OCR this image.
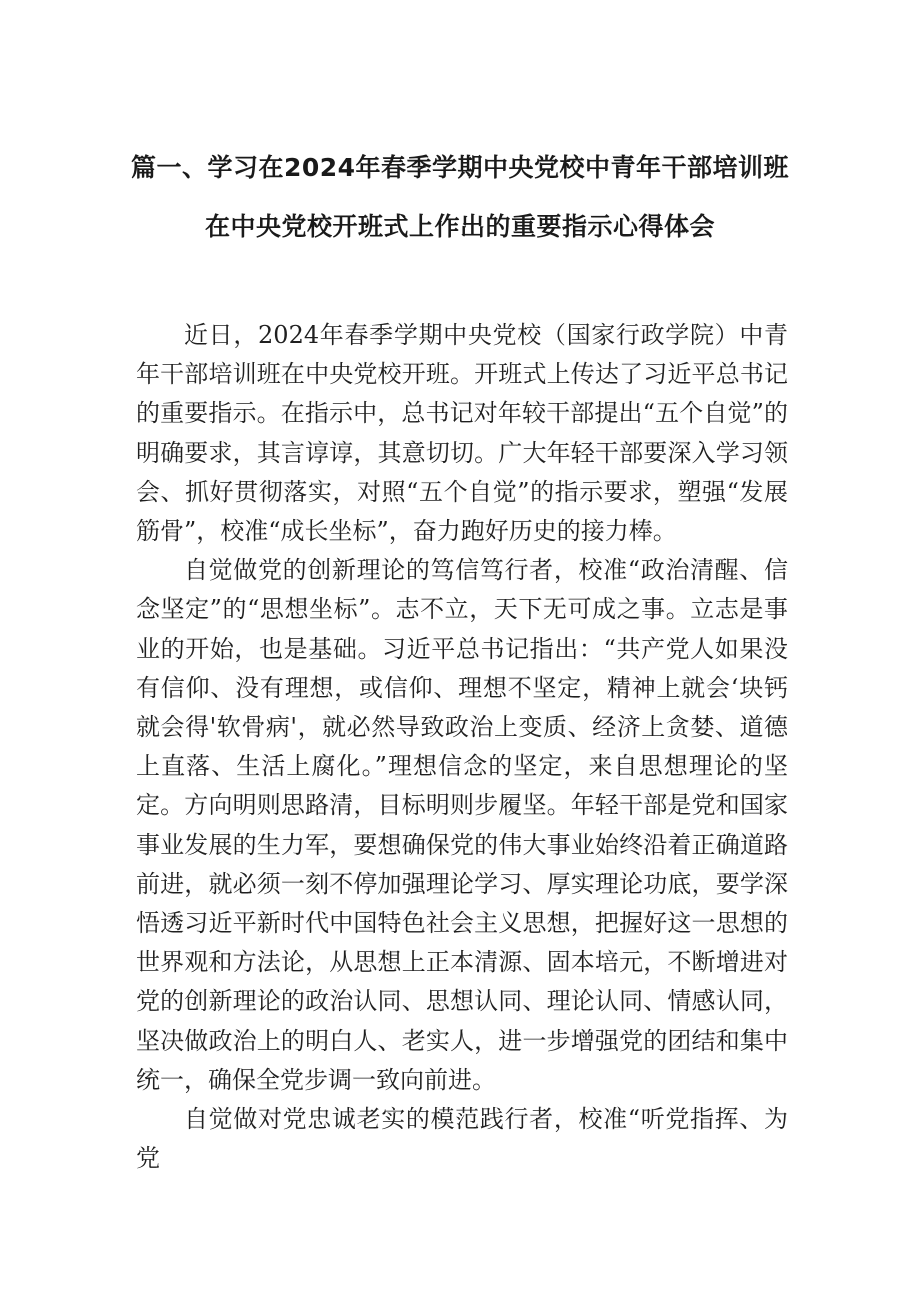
篇一、学习在2024年春季学期中央党校中青年干部培训班
在中央党校开班式上作出的重要指示心得体会

近日，2024年春季学期中央党校（国家行政学院）中青年干部培训班在中央党校开班。开班式上传达了习近平总书记的重要指示。在指示中，总书记对年较干部提出“五个自觉”的明确要求，其言谆谆，其意切切。广大年轻干部要深入学习领会、抓好贯彻落实，对照“五个自觉”的指示要求，塑强“发展筋骨”，校准“成长坐标”，奋力跑好历史的接力棒。

自觉做党的创新理论的笃信笃行者，校准“政治清醒、信念坚定”的“思想坐标”。志不立，天下无可成之事。立志是事业的开始，也是基础。习近平总书记指出：“共产党人如果没有信仰、没有理想，或信仰、理想不坚定，精神上就会‘块钙就会得'软骨病'，就必然导致政治上变质、经济上贪婪、道德上直落、生活上腐化。”理想信念的坚定，来自思想理论的坚定。方向明则思路清，目标明则步履坚。年轻干部是党和国家事业发展的生力军，要想确保党的伟大事业始终沿着正确道路前进，就必须一刻不停加强理论学习、厚实理论功底，要学深悟透习近平新时代中国特色社会主义思想，把握好这一思想的世界观和方法论，从思想上正本清源、固本培元，不断增进对党的创新理论的政治认同、思想认同、理论认同、情感认同，坚决做政治上的明白人、老实人，进一步增强党的团结和集中统一，确保全党步调一致向前进。

自觉做对党忠诚老实的模范践行者，校准“听党指挥、为党
